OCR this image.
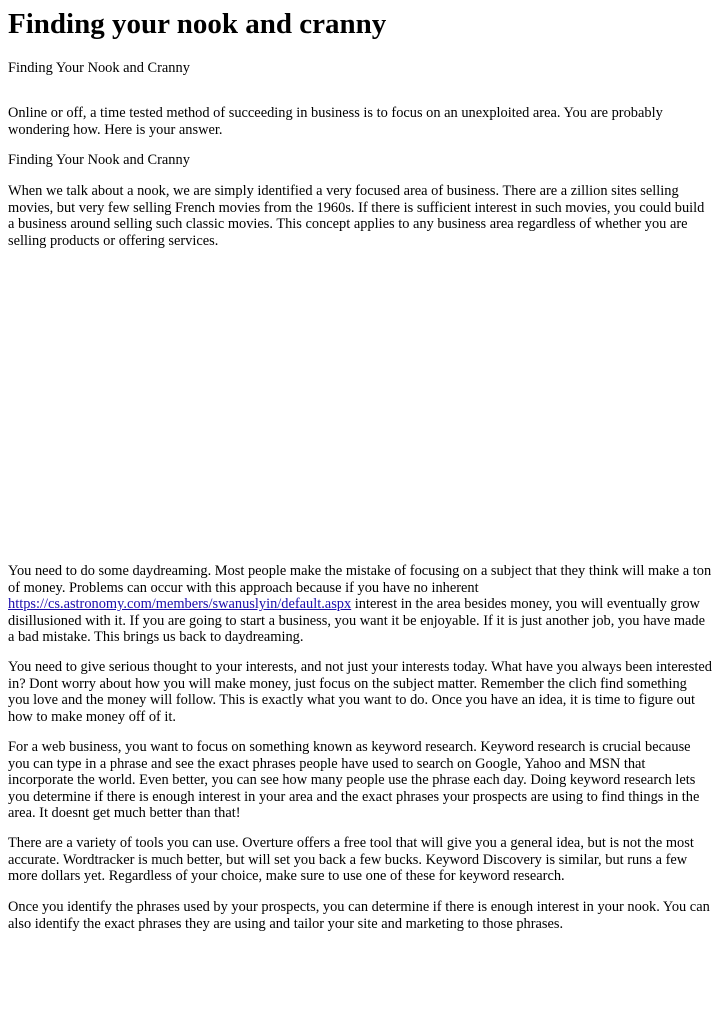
Finding your nook and cranny

Finding Your Nook and Cranny

Online or off, a time tested method of succeeding in business is to focus on an unexploited area. You are probably wondering how. Here is your answer.

Finding Your Nook and Cranny

When we talk about a nook, we are simply identified a very focused area of business. There are a zillion sites selling movies, but very few selling French movies from the 1960s. If there is sufficient interest in such movies, you could build a business around selling such classic movies. This concept applies to any business area regardless of whether you are selling products or offering services.

You need to do some daydreaming. Most people make the mistake of focusing on a subject that they think will make a ton of money. Problems can occur with this approach because if you have no inherent https://cs.astronomy.com/members/swanuslyin/default.aspx interest in the area besides money, you will eventually grow disillusioned with it. If you are going to start a business, you want it be enjoyable. If it is just another job, you have made a bad mistake. This brings us back to daydreaming.

You need to give serious thought to your interests, and not just your interests today. What have you always been interested in? Dont worry about how you will make money, just focus on the subject matter. Remember the clich find something you love and the money will follow. This is exactly what you want to do. Once you have an idea, it is time to figure out how to make money off of it.

For a web business, you want to focus on something known as keyword research. Keyword research is crucial because you can type in a phrase and see the exact phrases people have used to search on Google, Yahoo and MSN that incorporate the world. Even better, you can see how many people use the phrase each day. Doing keyword research lets you determine if there is enough interest in your area and the exact phrases your prospects are using to find things in the area. It doesnt get much better than that!

There are a variety of tools you can use. Overture offers a free tool that will give you a general idea, but is not the most accurate. Wordtracker is much better, but will set you back a few bucks. Keyword Discovery is similar, but runs a few more dollars yet. Regardless of your choice, make sure to use one of these for keyword research.

Once you identify the phrases used by your prospects, you can determine if there is enough interest in your nook. You can also identify the exact phrases they are using and tailor your site and marketing to those phrases.
